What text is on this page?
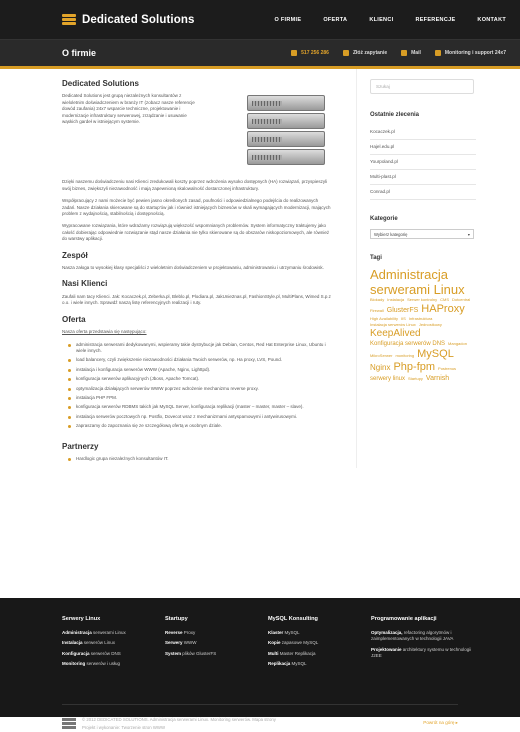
Dedicated Solutions	O FIRMIE	OFERTA	KLIENCI	REFERENCJE	KONTAKT
O firmie	517 256 286	Złóż zapytanie	Mail	Monitoring i support 24x7
Dedicated Solutions

Dedicated Solutions jest grupą niezależnych konsultantów z wieloletnim doświadczeniem w branży IT (zobacz nasze referencje dowód zaufania) 24x7 wsparcie techniczne, projektowanie i modernizacje infrastruktury serwerowej, zrządzanie i usuwanie wąskich gardeł w istniejącym systemie.

Dzięki naszemu doświadczeniu nasi Klienci zredukowali koszty poprzez wdrożenia wysoko dostępnych (HA) rozwiązań, przyspieszyli swój biznes, zwiększyli niezawodność i mają zapewnioną skalowalność dostarczonej infrastruktury.

Współpracujący z nami możecie być pewien jasno określonych zasad, poufności i odpowiedzialnego podejścia do realizowanych zadań. Nasze działania skierowane są do startup'ów jak i również istniejących biznesów w skali wymagających modernizacji, mających problem z wydajnością, stabilnością i dostępnością.

Wypracowane rozwiązania, które wdrażamy rozwiązują większość wspomnianych problemów. System informatyczny traktujemy jako całość dobierając odpowiednie rozwiązanie stąd nasze działania nie tylko skierowane są do obszarów niskopoziomowych, ale również do warstwy aplikacji.

Zespół

Nasza załoga to wysokiej klasy specjaliści z wieloletnim doświadczeniem w projektowaniu, administrowaniu i utrzymaniu środowisk.

Nasi Klienci

Zaufali nam tacy Klienci. Jak: Kocaczek.pl, Zeberka.pl, Bleblo.pl, Plodiara.pl, JakUnie2nas.pl, FashionStyle.pl, MultiPlans, Wimed S.p.z o.o. i wiele innych. Sprawdź naszą listę referencyjnych realizacji i ruty.

Oferta

Nasza oferta przedstawia się następująco:

administracja serwerami dedykowanymi, wspieramy takie dystrybucje jak Debian, Centos, Red Hat Enterprise Linux, Ubuntu i wiele innych.
load balancery, czyli zwiększenie niezawodności działania Twoich serwerów, np. Ha proxy, LVS, Pound.
instalacja i konfiguracja serwerów WWW (Apache, Nginx, Lighttpd).
konfiguracja serwerów aplikacyjnych (Jboss, Apache Tomcat).
optymalizacja działających serwerów WWW poprzez wdrożenie mechanizmu reverse proxy.
instalacja PHP FPM.
konfiguracja serwerów RDBMS takich jak MySQL Server, konfiguracja replikacji (master – master, master – slave).
instalacja serwerów pocztowych np. Postfix, Dovecot wraz z mechanizmami antyspamowymi i antywirusowymi.
zapraszamy do zapoznania się ze szczegółową ofertą w osobnym dziale.
Partnerzy
Hardlogic grupa niezależnych konsultantów IT.
Szukaj
Ostatnie zlecenia
Kocaczek.pl
Hajel.edu.pl
Yourpoland.pl
Multi-plast.pl
Conrad.pl
Kategorie
Wybierz kategorię	▾
Tagi
Administracjaserwerami LinuxBlokady Instalacja Serwer kontrolny CMS DotcentralFirewall GlusterFS HAProxyHigh Availability IIS InfrastrukturaInstalacja serwerów Linux JednostkowyKeepAlivedKonfiguracja serwerów DNS MangadonMikroSerwer monitoring MySQLNginx Php-fpm Postrenusserwery linux Startupy Varnish
Serwery Linux
Administracja serwerami Linux
Instalacja serwerów Linux
Konfiguracja serwerów DNS
Monitoring serwerów i usług
Startupy
Reverse Proxy
Serwery WWW
System plików GlusterFS
MySQL Konsulting
Klaster MySQL
Kopie zapasowe MySQL
Multi Master Replikacja
Replikacja MySQL
Programowanie aplikacji
Optymalizacja, refactoring algorytmów i zaimplementowanych w technologii JAVA
Projektowanie architektury systemu w technologii J2EE
© 2012 DEDICATED SOLUTIONS. Administracja serwerami Linux. Monitoring serwerów. Mapa strony
Projekt i wykonanie: Tworzenie stron WWW
Powrót na górę ▸
